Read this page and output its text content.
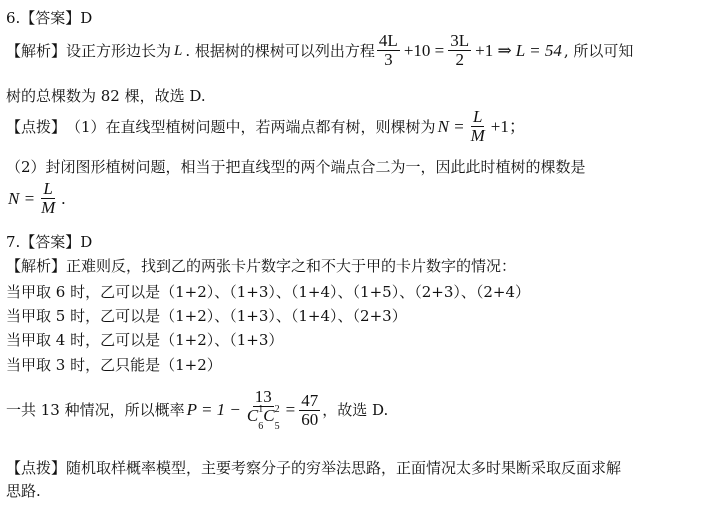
6.【答案】D
【解析】 设正方形边长为 L . 根据树的棵树可以列出方程 $\frac{4L}{3} +10 = \frac{3L}{2} +1$ ⇒ L = 54 , 所以可知
树的总棵数为 82 棵，故选 D.
【点拨】 （1）在直线型植树问题中，若两端点都有树，则棵树为 $N = \frac{L}{M} +1$；
（2）封闭图形植树问题，相当于把直线型的两个端点合二为一，因此此时植树的棵数是
$N = \frac{L}{M}$ .
7.【答案】D
【解析】正难则反，找到乙的两张卡片数字之和不大于甲的卡片数字的情况：
当甲取 6 时，乙可以是（1+2）、（1+3）、（1+4）、（1+5）、（2+3）、（2+4）
当甲取 5 时，乙可以是（1+2）、（1+3）、（1+4）、（2+3）
当甲取 4 时，乙可以是（1+2）、（1+3）
当甲取 3 时，乙只能是（1+2）
一共 13 种情况，所以概率 P = 1 − 13
C 1
$_6$C 2
$_5 = \frac{47}{60}$ ，故选 D.
【点拨】随机取样概率模型，主要考察分子的穷举法思路，正面情况太多时果断采取反面求解
思路.
